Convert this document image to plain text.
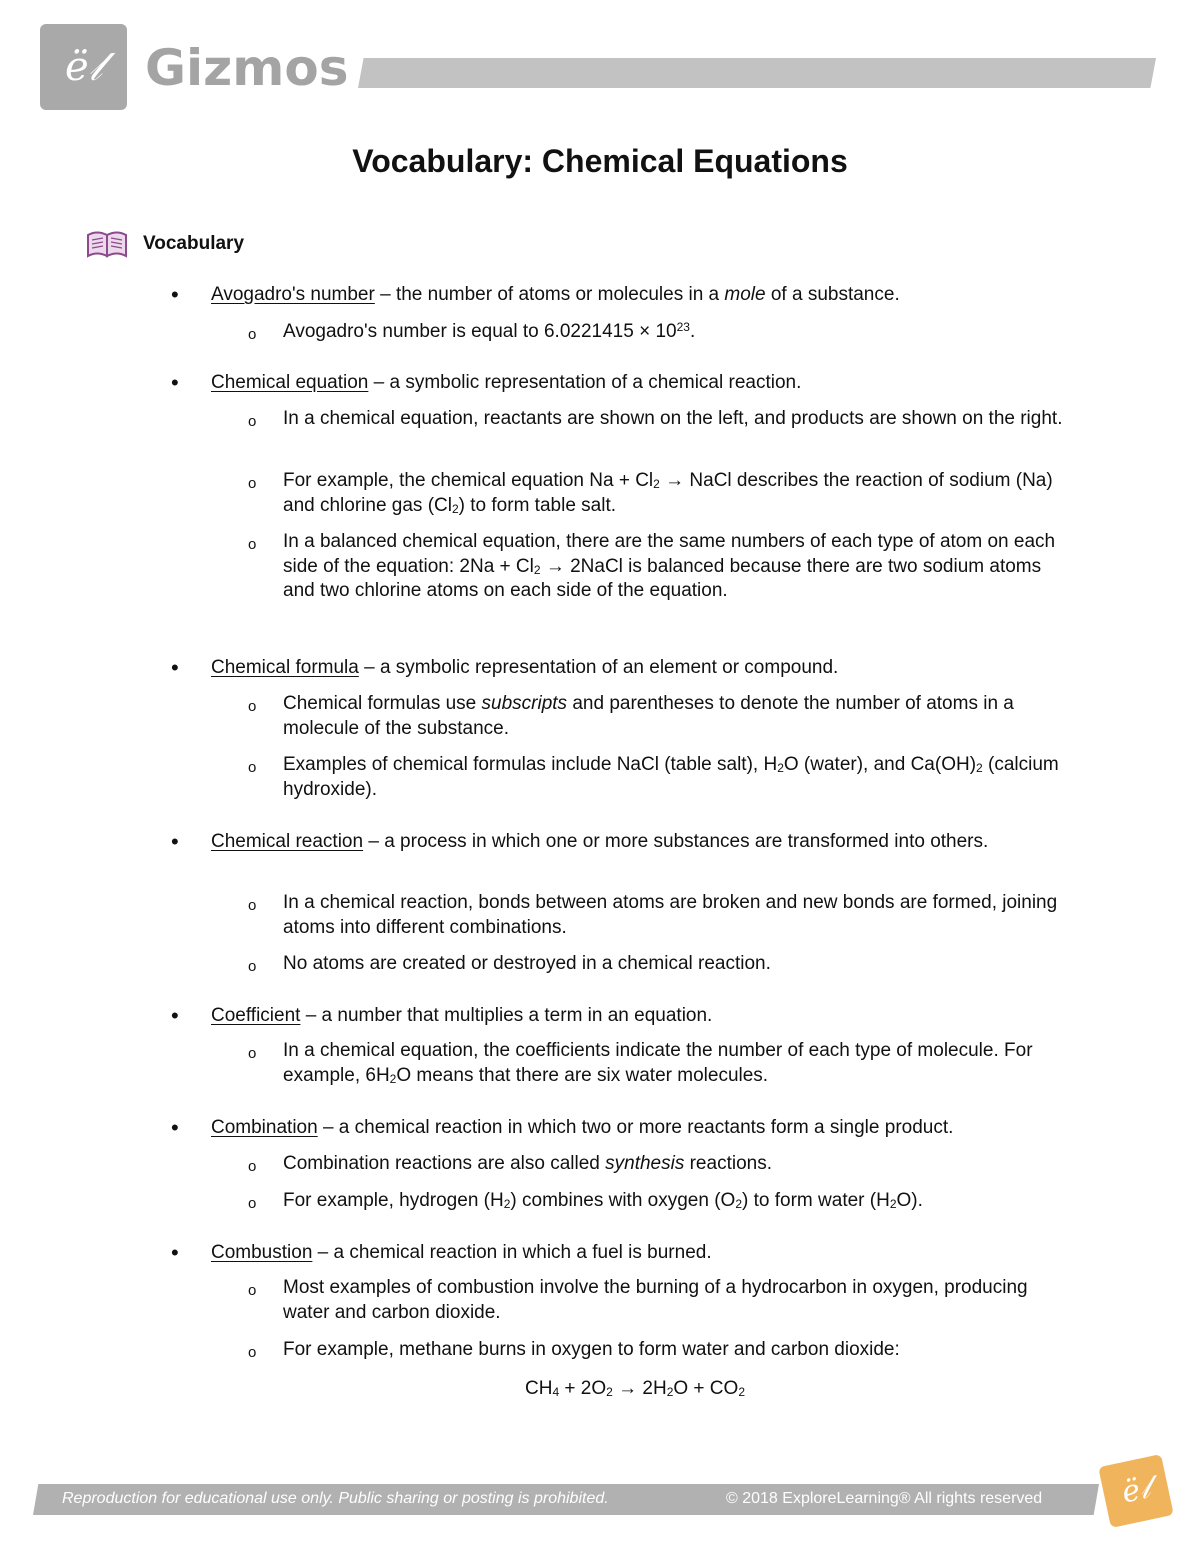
ë𝓁 Gizmos
Vocabulary: Chemical Equations
Vocabulary
• Avogadro's number – the number of atoms or molecules in a mole of a substance.
o Avogadro's number is equal to $6.0221415 \times 10^{23}$.
• Chemical equation – a symbolic representation of a chemical reaction.
o In a chemical equation, reactants are shown on the left, and products are shown on the right.
o For example, the chemical equation $Na + Cl_2$ → NaCl describes the reaction of sodium (Na) and chlorine gas $(Cl_2)$ to form table salt.
o In a balanced chemical equation, there are the same numbers of each type of atom on each side of the equation: $2Na + Cl_2$ → 2NaCl is balanced because there are two sodium atoms and two chlorine atoms on each side of the equation.
• Chemical formula – a symbolic representation of an element or compound.
o Chemical formulas use subscripts and parentheses to denote the number of atoms in a molecule of the substance.
o Examples of chemical formulas include NaCl (table salt), $H_2O$ (water), and $Ca(OH)_2$ (calcium hydroxide).
• Chemical reaction – a process in which one or more substances are transformed into others.
o In a chemical reaction, bonds between atoms are broken and new bonds are formed, joining atoms into different combinations.
o No atoms are created or destroyed in a chemical reaction.
• Coefficient – a number that multiplies a term in an equation.
o In a chemical equation, the coefficients indicate the number of each type of molecule. For example, $6H_2O$ means that there are six water molecules.
• Combination – a chemical reaction in which two or more reactants form a single product.
o Combination reactions are also called synthesis reactions.
o For example, hydrogen $(H_2)$ combines with oxygen $(O_2)$ to form water $(H_2O)$.
• Combustion – a chemical reaction in which a fuel is burned.
o Most examples of combustion involve the burning of a hydrocarbon in oxygen, producing water and carbon dioxide.
o For example, methane burns in oxygen to form water and carbon dioxide:
$CH_4 + 2O_2 \to 2H_2O + CO_2$
Reproduction for educational use only. Public sharing or posting is prohibited.	© 2018 ExploreLearning® All rights reserved	ë𝓁
